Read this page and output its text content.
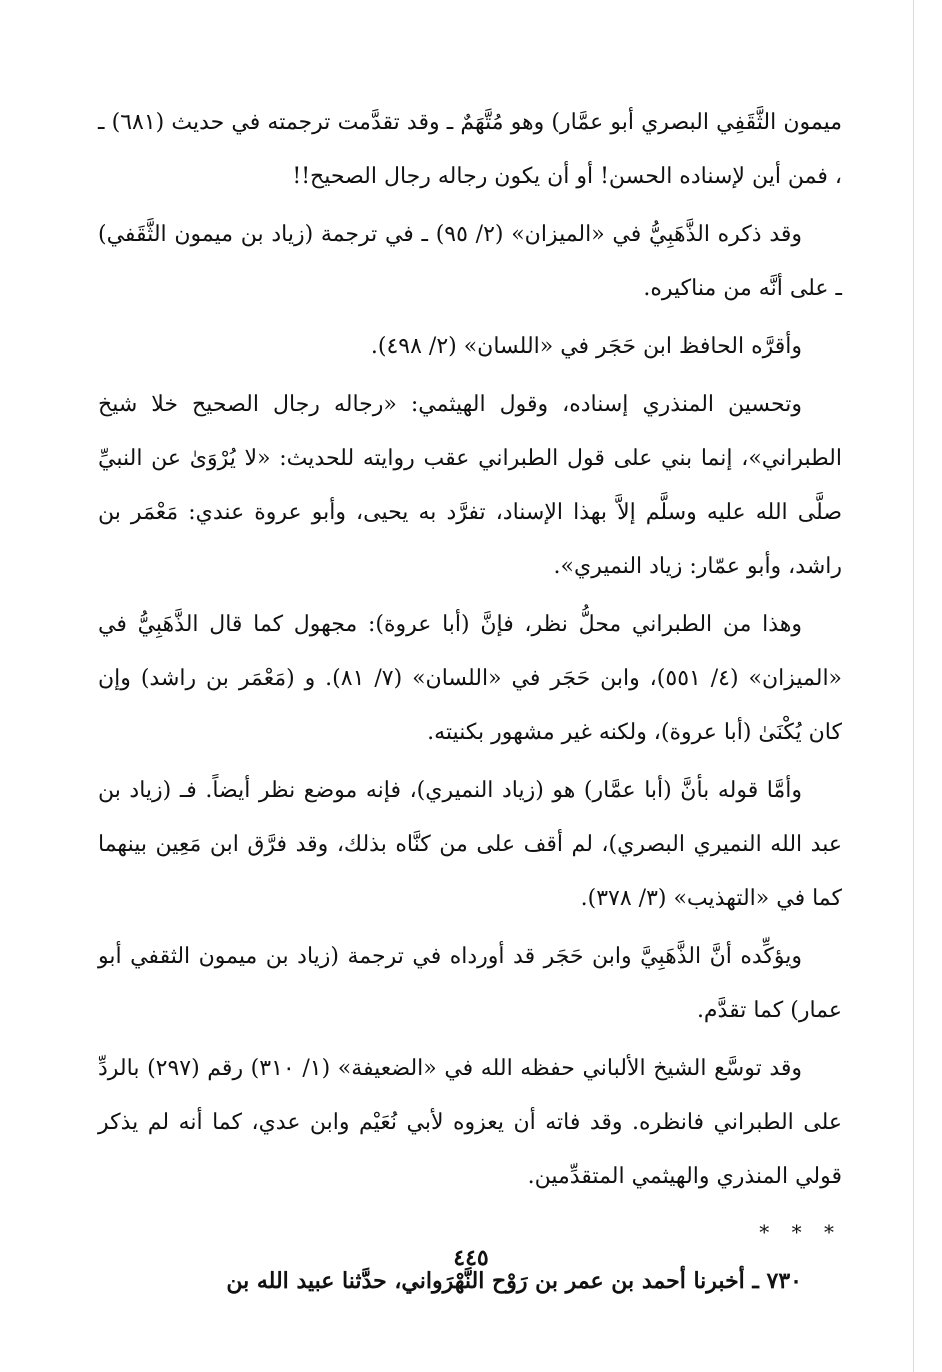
ميمون الثَّقَفِي البصري أبو عمَّار) وهو مُتَّهَمٌ ـ وقد تقدَّمت ترجمته في حديث (٦٨١) ـ ، فمن أين لإسناده الحسن! أو أن يكون رجاله رجال الصحيح!!

وقد ذكره الذَّهَبِيُّ في «الميزان» (٢/ ٩٥) ـ في ترجمة (زياد بن ميمون الثَّقَفي) ـ على أنَّه من مناكيره.

وأقرَّه الحافظ ابن حَجَر في «اللسان» (٢/ ٤٩٨).

وتحسين المنذري إسناده، وقول الهيثمي: «رجاله رجال الصحيح خلا شيخ الطبراني»، إنما بني على قول الطبراني عقب روايته للحديث: «لا يُرْوَىٰ عن النبيِّ صلَّى الله عليه وسلَّم إلاَّ بهذا الإسناد، تفرَّد به يحيى، وأبو عروة عندي: مَعْمَر بن راشد، وأبو عمّار: زياد النميري».

وهذا من الطبراني محلُّ نظر، فإنَّ (أبا عروة): مجهول كما قال الذَّهَبِيُّ في «الميزان» (٤/ ٥٥١)، وابن حَجَر في «اللسان» (٧/ ٨١). و (مَعْمَر بن راشد) وإن كان يُكْنَىٰ (أبا عروة)، ولكنه غير مشهور بكنيته.

وأمَّا قوله بأنَّ (أبا عمَّار) هو (زياد النميري)، فإنه موضع نظر أيضاً. فـ (زياد بن عبد الله النميري البصري)، لم أقف على من كنَّاه بذلك، وقد فرَّق ابن مَعِين بينهما كما في «التهذيب» (٣/ ٣٧٨).

ويؤكِّده أنَّ الذَّهَبِيَّ وابن حَجَر قد أورداه في ترجمة (زياد بن ميمون الثقفي أبو عمار) كما تقدَّم.

وقد توسَّع الشيخ الألباني حفظه الله في «الضعيفة» (١/ ٣١٠) رقم (٢٩٧) بالردِّ على الطبراني فانظره. وقد فاته أن يعزوه لأبي نُعَيْم وابن عدي، كما أنه لم يذكر قولي المنذري والهيثمي المتقدِّمين.

* * *

٧٣٠ ـ أخبرنا أحمد بن عمر بن رَوْح النَّهْرَواني، حدَّثنا عبيد الله بن

٤٤٥
